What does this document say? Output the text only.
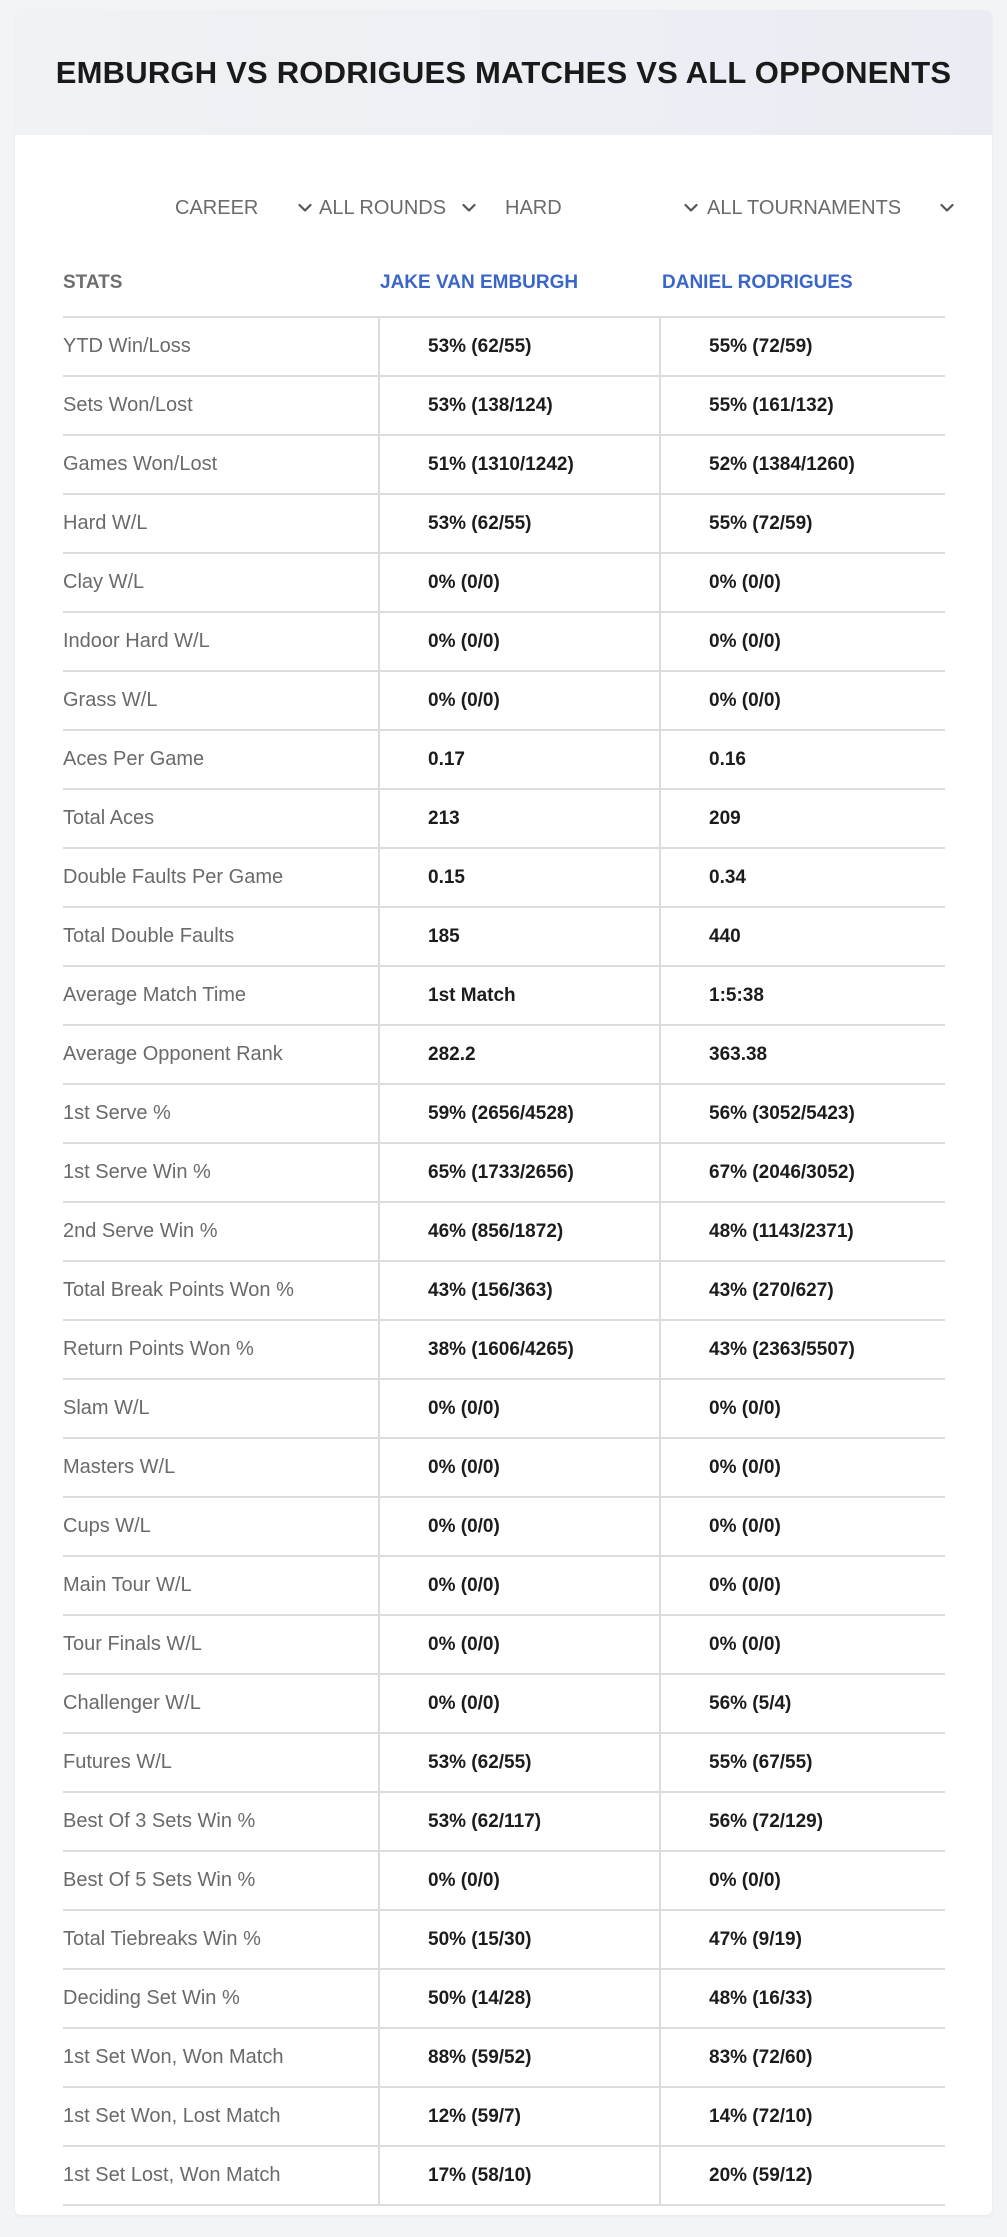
EMBURGH VS RODRIGUES MATCHES VS ALL OPPONENTS
CAREER	ALL ROUNDS	HARD	ALL TOURNAMENTS
STATS	JAKE VAN EMBURGH	DANIEL RODRIGUES
YTD Win/Loss	53% (62/55)	55% (72/59)
Sets Won/Lost	53% (138/124)	55% (161/132)
Games Won/Lost	51% (1310/1242)	52% (1384/1260)
Hard W/L	53% (62/55)	55% (72/59)
Clay W/L	0% (0/0)	0% (0/0)
Indoor Hard W/L	0% (0/0)	0% (0/0)
Grass W/L	0% (0/0)	0% (0/0)
Aces Per Game	0.17	0.16
Total Aces	213	209
Double Faults Per Game	0.15	0.34
Total Double Faults	185	440
Average Match Time	1st Match	1:5:38
Average Opponent Rank	282.2	363.38
1st Serve %	59% (2656/4528)	56% (3052/5423)
1st Serve Win %	65% (1733/2656)	67% (2046/3052)
2nd Serve Win %	46% (856/1872)	48% (1143/2371)
Total Break Points Won %	43% (156/363)	43% (270/627)
Return Points Won %	38% (1606/4265)	43% (2363/5507)
Slam W/L	0% (0/0)	0% (0/0)
Masters W/L	0% (0/0)	0% (0/0)
Cups W/L	0% (0/0)	0% (0/0)
Main Tour W/L	0% (0/0)	0% (0/0)
Tour Finals W/L	0% (0/0)	0% (0/0)
Challenger W/L	0% (0/0)	56% (5/4)
Futures W/L	53% (62/55)	55% (67/55)
Best Of 3 Sets Win %	53% (62/117)	56% (72/129)
Best Of 5 Sets Win %	0% (0/0)	0% (0/0)
Total Tiebreaks Win %	50% (15/30)	47% (9/19)
Deciding Set Win %	50% (14/28)	48% (16/33)
1st Set Won, Won Match	88% (59/52)	83% (72/60)
1st Set Won, Lost Match	12% (59/7)	14% (72/10)
1st Set Lost, Won Match	17% (58/10)	20% (59/12)
